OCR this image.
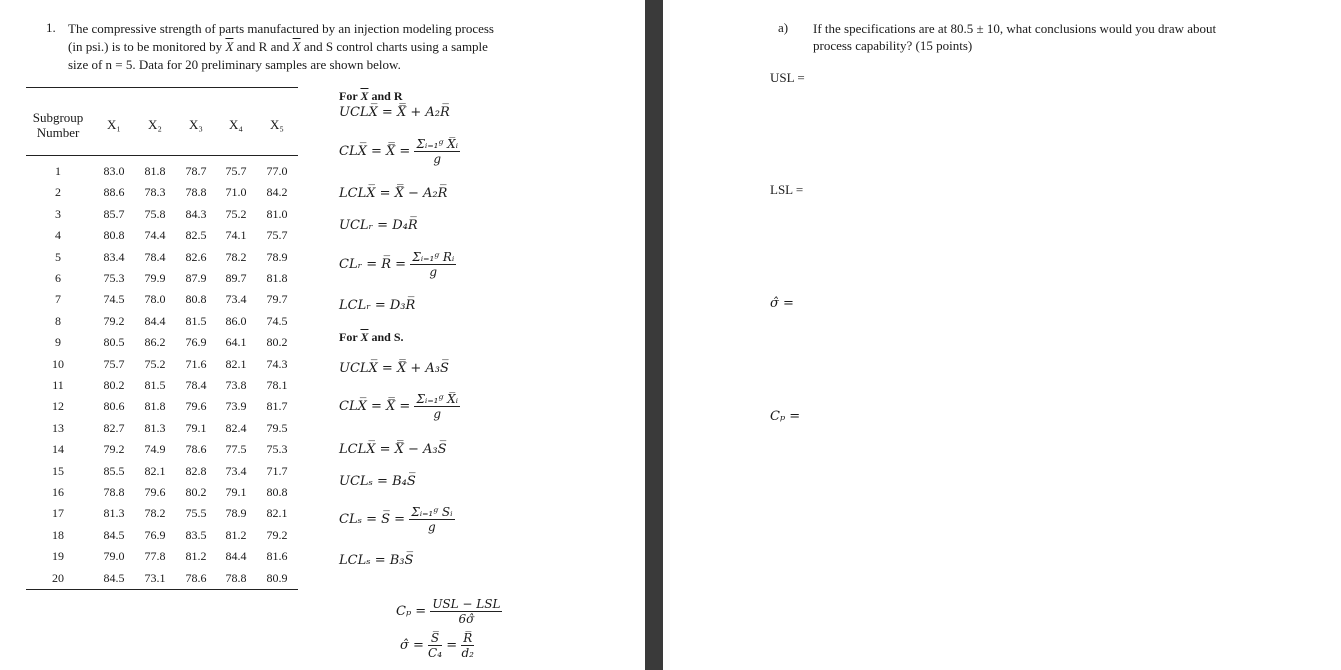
1. The compressive strength of parts manufactured by an injection modeling process
(in psi.) is to be monitored by $\overline{X}$ and R and $\overline{X}$ and S control charts using a sample
size of n = 5. Data for 20 preliminary samples are shown below.
Subgroup
Number
X₁	X₂	X₃	X₄	X₅
1	83.0	81.8	78.7	75.7	77.0
2	88.6	78.3	78.8	71.0	84.2
3	85.7	75.8	84.3	75.2	81.0
4	80.8	74.4	82.5	74.1	75.7
5	83.4	78.4	82.6	78.2	78.9
6	75.3	79.9	87.9	89.7	81.8
7	74.5	78.0	80.8	73.4	79.7
8	79.2	84.4	81.5	86.0	74.5
9	80.5	86.2	76.9	64.1	80.2
10	75.7	75.2	71.6	82.1	74.3
11	80.2	81.5	78.4	73.8	78.1
12	80.6	81.8	79.6	73.9	81.7
13	82.7	81.3	79.1	82.4	79.5
14	79.2	74.9	78.6	77.5	75.3
15	85.5	82.1	82.8	73.4	71.7
16	78.8	79.6	80.2	79.1	80.8
17	81.3	78.2	75.5	78.9	82.1
18	84.5	76.9	83.5	81.2	79.2
19	79.0	77.8	81.2	84.4	81.6
20	84.5	73.1	78.6	78.8	80.9
For $\overline{X}$ and R
UCLX̅ = X̿ + A₂R̅
CLX̅ = X̿ = $\frac{\text{Σᵢ₌₁ᵍ X̅ᵢ}}{g}$
LCLX̅ = X̿ − A₂R̅
UCLᵣ = D₄R̅
CLᵣ = R̅ = $\frac{\text{Σᵢ₌₁ᵍ Rᵢ}}{g}$
LCLᵣ = D₃R̅
For $\overline{X}$ and S.
UCLX̅ = X̿ + A₃S̅
CLX̅ = X̿ = $\frac{\text{Σᵢ₌₁ᵍ X̅ᵢ}}{g}$
LCLX̅ = X̿ − A₃S̅
UCLₛ = B₄S̅
CLₛ = S̅ = $\frac{\text{Σᵢ₌₁ᵍ Sᵢ}}{g}$
LCLₛ = B₃S̅
$C_p = \frac{\text{USL − LSL}}{6\sigmâ}$
σ̂ = $\frac{S̅}{\text{C₄}} = \frac{R̅}{\text{d₂}}$
a) If the specifications are at 80.5 ± 10, what conclusions would you draw about
process capability? (15 points)
USL =
LSL =
σ̂ =
Cₚ =
